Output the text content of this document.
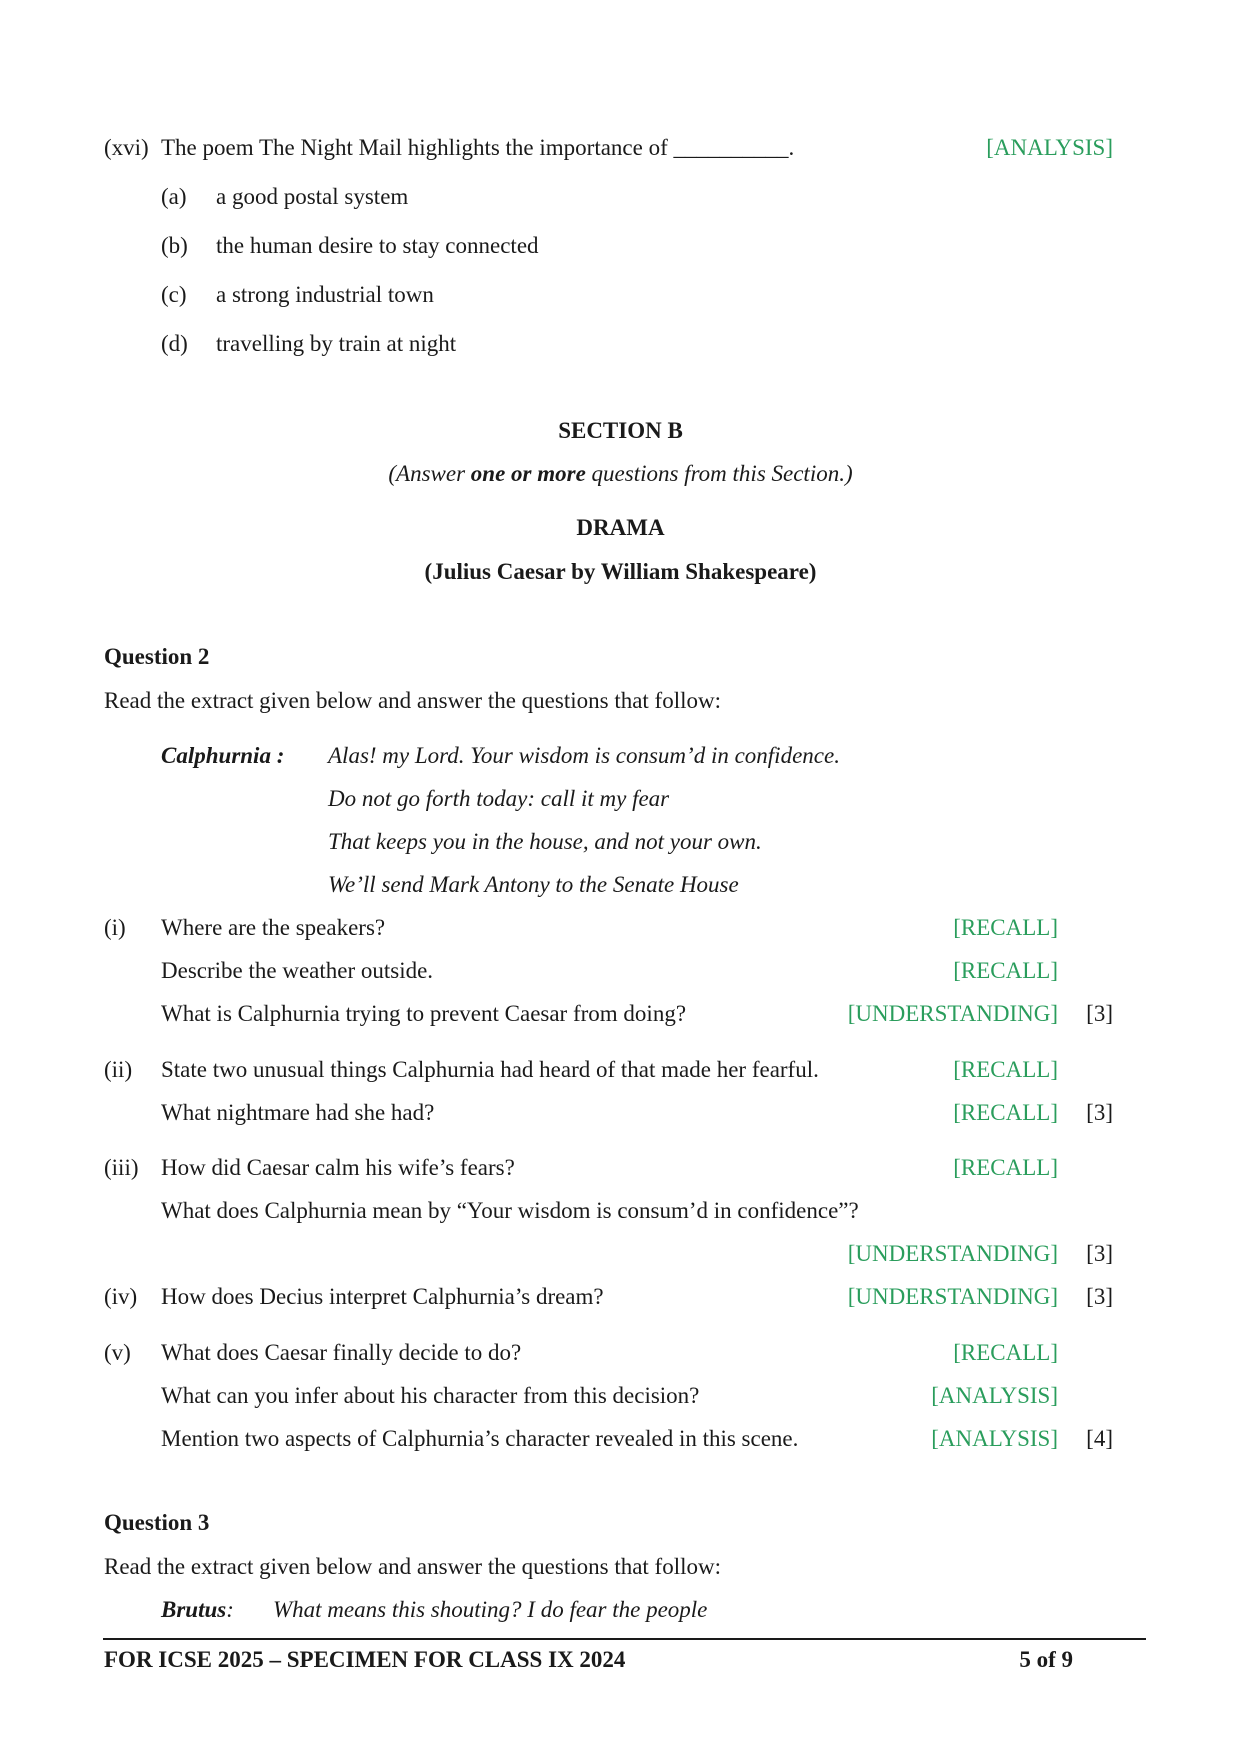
(xvi) The poem The Night Mail highlights the importance of __________.	[ANALYSIS]
(a) a good postal system
(b) the human desire to stay connected
(c) a strong industrial town
(d) travelling by train at night
SECTION B
(Answer one or more questions from this Section.)
DRAMA
(Julius Caesar by William Shakespeare)
Question 2
Read the extract given below and answer the questions that follow:
Calphurnia : Alas! my Lord. Your wisdom is consum’d in confidence.
Do not go forth today: call it my fear
That keeps you in the house, and not your own.
We’ll send Mark Antony to the Senate House
(i) Where are the speakers?	[RECALL]
Describe the weather outside.	[RECALL]
What is Calphurnia trying to prevent Caesar from doing?	[UNDERSTANDING] [3]
(ii) State two unusual things Calphurnia had heard of that made her fearful.	[RECALL]
What nightmare had she had?	[RECALL] [3]
(iii) How did Caesar calm his wife’s fears?	[RECALL]
What does Calphurnia mean by “Your wisdom is consum’d in confidence”?
[UNDERSTANDING] [3]
(iv) How does Decius interpret Calphurnia’s dream?	[UNDERSTANDING] [3]
(v) What does Caesar finally decide to do?	[RECALL]
What can you infer about his character from this decision?	[ANALYSIS]
Mention two aspects of Calphurnia’s character revealed in this scene.	[ANALYSIS] [4]
Question 3
Read the extract given below and answer the questions that follow:
Brutus: What means this shouting? I do fear the people
FOR ICSE 2025 – SPECIMEN FOR CLASS IX 2024	5 of 9
